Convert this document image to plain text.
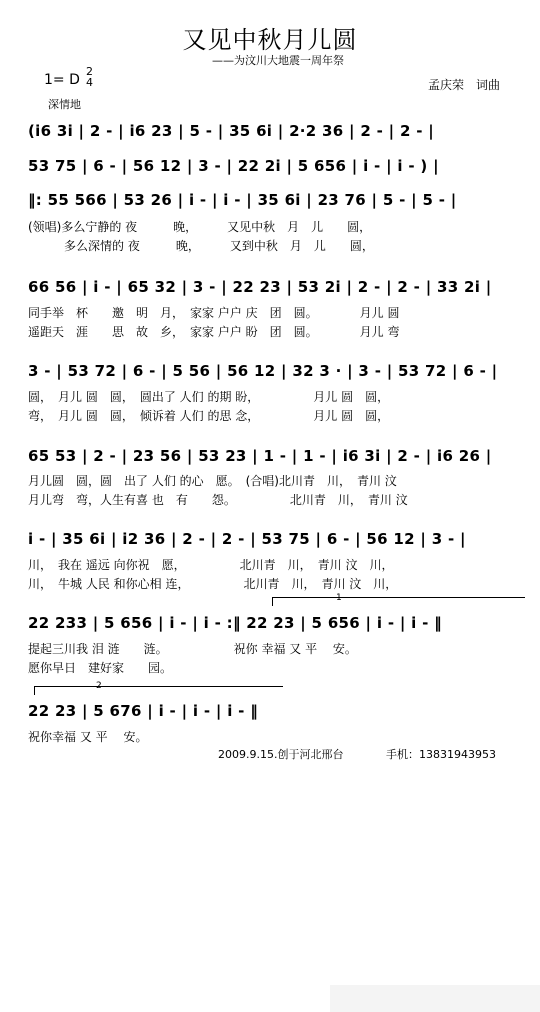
又见中秋月儿圆
——为汶川大地震一周年祭
1= D
2
4
深情地
孟庆荣　词曲
(i6 3i | 2 - | i6 23 | 5 - | 35 6i | 2·2 36 | 2 - | 2 - |
53 75 | 6 - | 56 12 | 3 - | 22 2i | 5 656 | i - | i - ) |
‖: 55 566 | 53 26 | i - | i - | 35 6i | 23 76 | 5 - | 5 - |
(领唱)多么宁静的 夜　　　晚，　　　又见中秋　月　儿　　圆，
　　　多么深情的 夜　　　晚，　　　又到中秋　月　儿　　圆，
66 56 | i - | 65 32 | 3 - | 22 23 | 53 2i | 2 - | 2 - | 33 2i |
同手举　杯　　邀　明　月，　家家 户户 庆　团　圆。　　　　月儿 圆
遥距天　涯　　思　故　乡，　家家 户户 盼　团　圆。　　　　月儿 弯
3 - | 53 72 | 6 - | 5 56 | 56 12 | 32 3 · | 3 - | 53 72 | 6 - |
圆，　月儿 圆　圆，　圆出了 人们 的期 盼，　　　　　月儿 圆　圆，
弯，　月儿 圆　圆，　倾诉着 人们 的思 念，　　　　　月儿 圆　圆，
65 53 | 2 - | 23 56 | 53 23 | 1 - | 1 - | i6 3i | 2 - | i6 26 |
月儿圆　圆，圆　出了 人们 的心　愿。　(合唱)北川青　川，　青川 汶
月儿弯　弯，人生有喜 也　有　　怨。　　　　　北川青　川，　青川 汶
i - | 35 6i | i2 36 | 2 - | 2 - | 53 75 | 6 - | 56 12 | 3 - |
川，　我在 遥远 向你祝　愿，　　　　　北川青　川，　青川 汶　川，
川，　牛城 人民 和你心相 连，　　　　　北川青　川，　青川 汶　川，
1
22 233 | 5 656 | i - | i - :‖ 22 23 | 5 656 | i - | i - ‖
提起三川我 泪 涟　　涟。　　　　　　祝你 幸福 又 平　 安。
愿你早日　建好家　　园。
2
22 23 | 5 676 | i - | i - | i - ‖
祝你幸福 又 平　 安。
2009.9.15.创于河北邢台	手机：13831943953
